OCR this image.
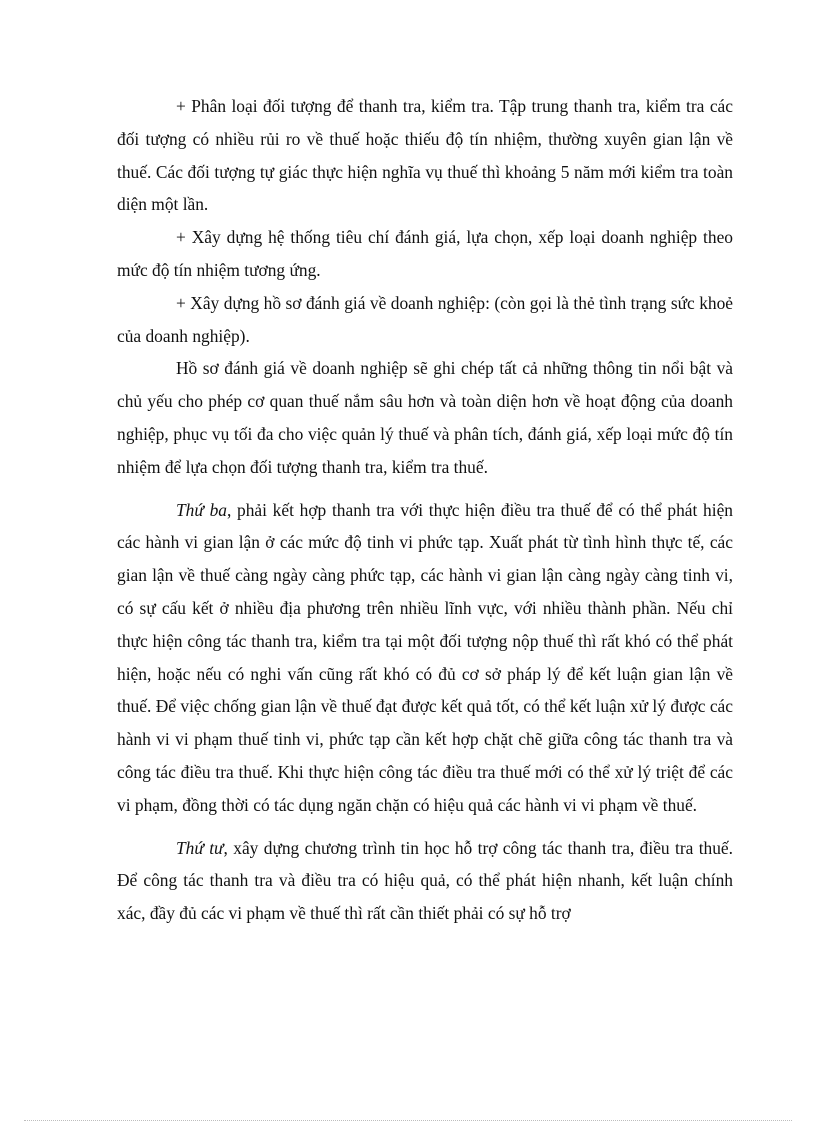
+ Phân loại đối tượng để thanh tra, kiểm tra. Tập trung thanh tra, kiểm tra các đối tượng có nhiều rủi ro về thuế hoặc thiếu độ tín nhiệm, thường xuyên gian lận về thuế. Các đối tượng tự giác thực hiện nghĩa vụ thuế thì khoảng 5 năm mới kiểm tra toàn diện một lần.

+ Xây dựng hệ thống tiêu chí đánh giá, lựa chọn, xếp loại doanh nghiệp theo mức độ tín nhiệm tương ứng.

+ Xây dựng hồ sơ đánh giá về doanh nghiệp: (còn gọi là thẻ tình trạng sức khoẻ của doanh nghiệp).

Hồ sơ đánh giá về doanh nghiệp sẽ ghi chép tất cả những thông tin nổi bật và chủ yếu cho phép cơ quan thuế nắm sâu hơn và toàn diện hơn về hoạt động của doanh nghiệp, phục vụ tối đa cho việc quản lý thuế và phân tích, đánh giá, xếp loại mức độ tín nhiệm để lựa chọn đối tượng thanh tra, kiểm tra thuế.

Thứ ba, phải kết hợp thanh tra với thực hiện điều tra thuế để có thể phát hiện các hành vi gian lận ở các mức độ tinh vi phức tạp. Xuất phát từ tình hình thực tế, các gian lận về thuế càng ngày càng phức tạp, các hành vi gian lận càng ngày càng tinh vi, có sự cấu kết ở nhiều địa phương trên nhiều lĩnh vực, với nhiều thành phần. Nếu chỉ thực hiện công tác thanh tra, kiểm tra tại một đối tượng nộp thuế thì rất khó có thể phát hiện, hoặc nếu có nghi vấn cũng rất khó có đủ cơ sở pháp lý để kết luận gian lận về thuế. Để việc chống gian lận về thuế đạt được kết quả tốt, có thể kết luận xử lý được các hành vi vi phạm thuế tinh vi, phức tạp cần kết hợp chặt chẽ giữa công tác thanh tra và công tác điều tra thuế. Khi thực hiện công tác điều tra thuế mới có thể xử lý triệt để các vi phạm, đồng thời có tác dụng ngăn chặn có hiệu quả các hành vi vi phạm về thuế.

Thứ tư, xây dựng chương trình tin học hỗ trợ công tác thanh tra, điều tra thuế. Để công tác thanh tra và điều tra có hiệu quả, có thể phát hiện nhanh, kết luận chính xác, đầy đủ các vi phạm về thuế thì rất cần thiết phải có sự hỗ trợ
